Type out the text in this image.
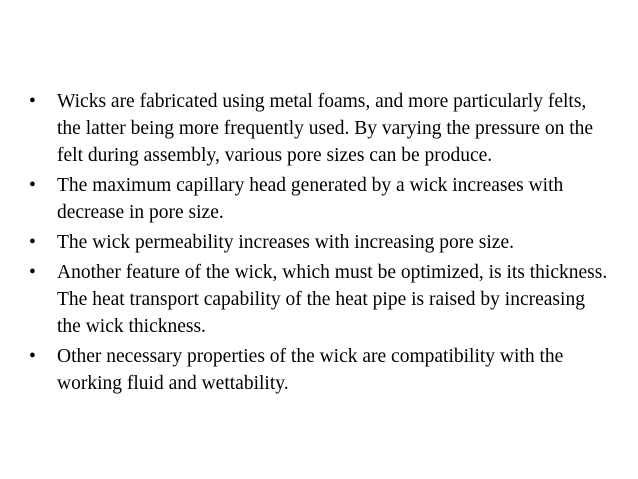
•	Wicks are fabricated using metal foams, and more particularly felts, the latter being more frequently used. By varying the pressure on the felt during assembly, various pore sizes can be produce.
•	The maximum capillary head generated by a wick increases with decrease in pore size.
•	The wick permeability increases with increasing pore size.
•	Another feature of the wick, which must be optimized, is its thickness. The heat transport capability of the heat pipe is raised by increasing the wick thickness.
•	Other necessary properties of the wick are compatibility with the working fluid and wettability.
